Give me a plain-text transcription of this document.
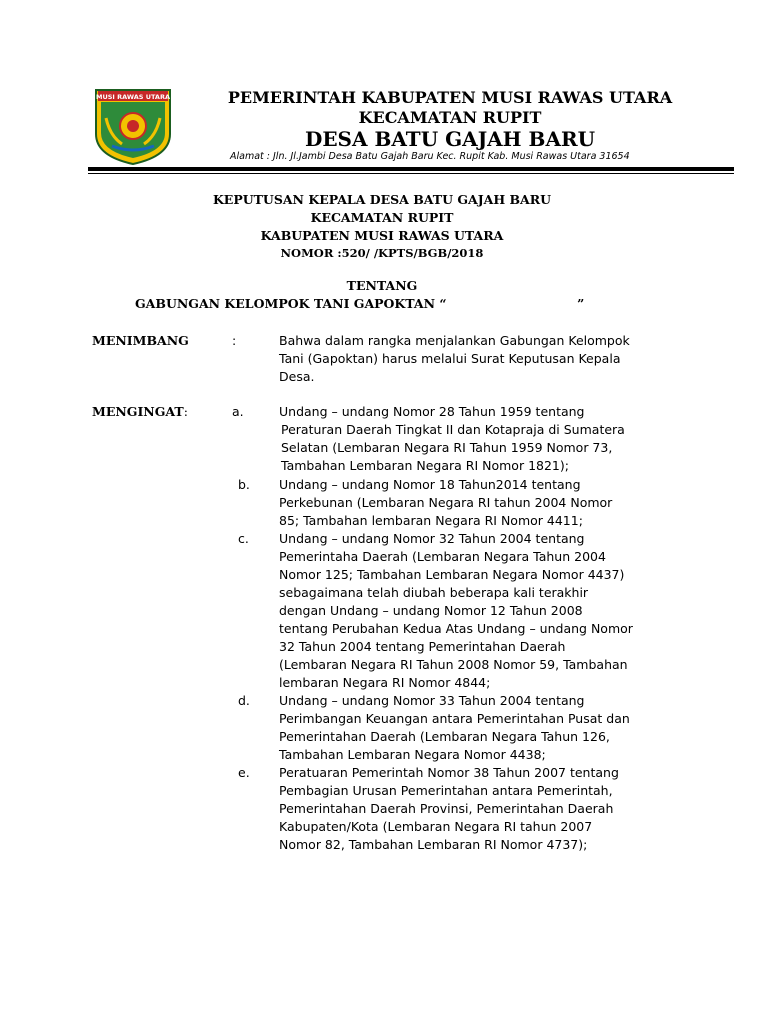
MUSI RAWAS UTARA	PEMERINTAH KABUPATEN MUSI RAWAS UTARA
KECAMATAN RUPIT
DESA BATU GAJAH BARU
Alamat : Jln. Jl.Jambi Desa Batu Gajah Baru Kec. Rupit Kab. Musi Rawas Utara 31654
KEPUTUSAN KEPALA DESA BATU GAJAH BARU
KECAMATAN RUPIT
KABUPATEN MUSI RAWAS UTARA
NOMOR :520/ /KPTS/BGB/2018
TENTANG
GABUNGAN KELOMPOK TANI GAPOKTAN “                              ”
MENIMBANG	:	Bahwa dalam rangka menjalankan Gabungan Kelompok
Tani (Gapoktan) harus melalui Surat Keputusan Kepala
Desa.
MENGINGAT:	a.	Undang – undang Nomor 28 Tahun 1959 tentang
Peraturan Daerah Tingkat II dan Kotapraja di Sumatera
Selatan (Lembaran Negara RI Tahun 1959 Nomor 73,
Tambahan Lembaran Negara RI Nomor 1821);
b. Undang – undang Nomor 18 Tahun2014 tentang
Perkebunan (Lembaran Negara RI tahun 2004 Nomor
85; Tambahan lembaran Negara RI Nomor 4411;
c. Undang – undang Nomor 32 Tahun 2004 tentang
Pemerintaha Daerah (Lembaran Negara Tahun 2004
Nomor 125; Tambahan Lembaran Negara Nomor 4437)
sebagaimana telah diubah beberapa kali terakhir
dengan Undang – undang Nomor 12 Tahun 2008
tentang Perubahan Kedua Atas Undang – undang Nomor
32 Tahun 2004 tentang Pemerintahan Daerah
(Lembaran Negara RI Tahun 2008 Nomor 59, Tambahan
lembaran Negara RI Nomor 4844;
d. Undang – undang Nomor 33 Tahun 2004 tentang
Perimbangan Keuangan antara Pemerintahan Pusat dan
Pemerintahan Daerah (Lembaran Negara Tahun 126,
Tambahan Lembaran Negara Nomor 4438;
e. Peratuaran Pemerintah Nomor 38 Tahun 2007 tentang
Pembagian Urusan Pemerintahan antara Pemerintah,
Pemerintahan Daerah Provinsi, Pemerintahan Daerah
Kabupaten/Kota (Lembaran Negara RI tahun 2007
Nomor 82, Tambahan Lembaran RI Nomor 4737);
